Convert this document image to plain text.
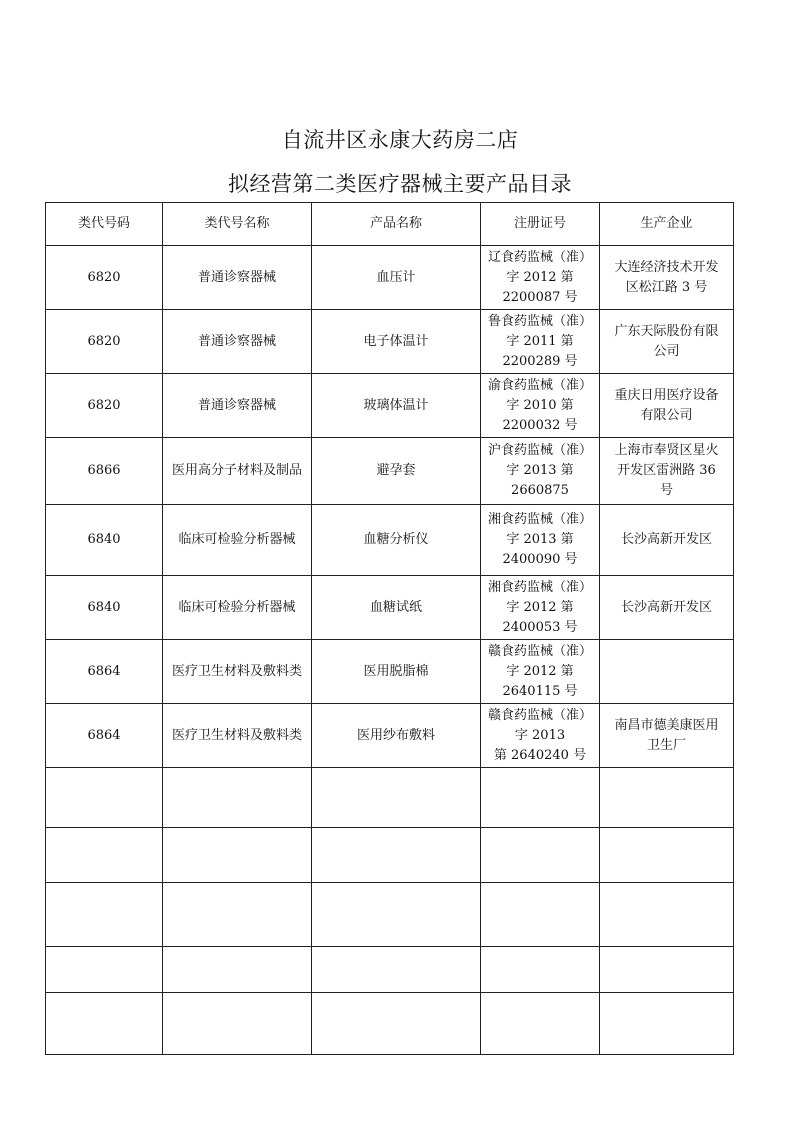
自流井区永康大药房二店
拟经营第二类医疗器械主要产品目录
类代号码	类代号名称	产品名称	注册证号	生产企业
6820	普通诊察器械	血压计	辽食药监械（准）
字 2012 第
2200087 号	大连经济技术开发
区松江路 3 号

6820	普通诊察器械	电子体温计	鲁食药监械（准）
字 2011 第
2200289 号	广东天际股份有限
公司

6820	普通诊察器械	玻璃体温计	渝食药监械（准）
字 2010 第
2200032 号	重庆日用医疗设备
有限公司

6866	医用高分子材料及制品	避孕套	沪食药监械（准）
字 2013 第
2660875	上海市奉贤区星火
开发区雷洲路 36
号

6840	临床可检验分析器械	血糖分析仪	湘食药监械（准）
字 2013 第
2400090 号	长沙高新开发区

6840	临床可检验分析器械	血糖试纸	湘食药监械（准）
字 2012 第
2400053 号	长沙高新开发区

6864	医疗卫生材料及敷料类	医用脱脂棉	赣食药监械（准）
字 2012 第
2640115 号	

6864	医疗卫生材料及敷料类	医用纱布敷料	赣食药监械（准）
字 2013
第 2640240 号	南昌市德美康医用
卫生厂
